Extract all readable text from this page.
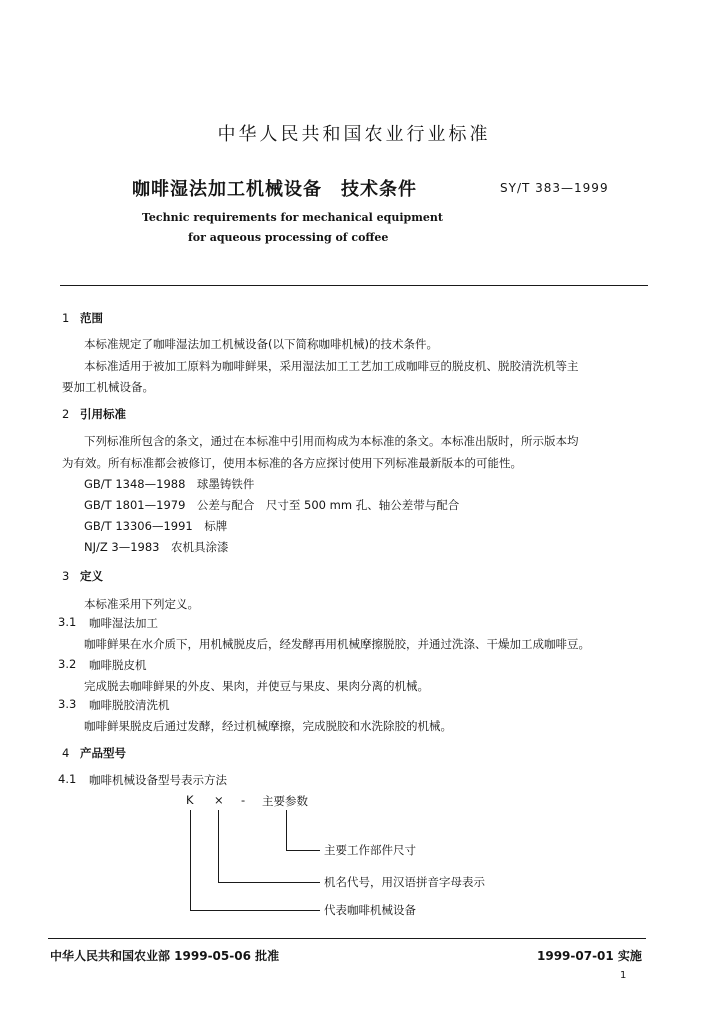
中华人民共和国农业行业标准
咖啡湿法加工机械设备　技术条件	SY/T 383—1999
Technic requirements for mechanical equipment
for aqueous processing of coffee
1 范围
本标准规定了咖啡湿法加工机械设备(以下简称咖啡机械)的技术条件。
本标准适用于被加工原料为咖啡鲜果，采用湿法加工工艺加工成咖啡豆的脱皮机、脱胶清洗机等主
要加工机械设备。
2 引用标准
下列标准所包含的条文，通过在本标准中引用而构成为本标准的条文。本标准出版时，所示版本均
为有效。所有标准都会被修订，使用本标准的各方应探讨使用下列标准最新版本的可能性。
GB/T 1348—1988　球墨铸铁件
GB/T 1801—1979　公差与配合　尺寸至 500 mm 孔、轴公差带与配合
GB/T 13306—1991　标牌
NJ/Z 3—1983　农机具涂漆
3 定义
本标准采用下列定义。
3.1 咖啡湿法加工
咖啡鲜果在水介质下，用机械脱皮后，经发酵再用机械摩擦脱胶，并通过洗涤、干燥加工成咖啡豆。
3.2 咖啡脱皮机
完成脱去咖啡鲜果的外皮、果肉，并使豆与果皮、果肉分离的机械。
3.3 咖啡脱胶清洗机
咖啡鲜果脱皮后通过发酵，经过机械摩擦，完成脱胶和水洗除胶的机械。
4 产品型号
4.1 咖啡机械设备型号表示方法
K × - 主要参数
主要工作部件尺寸
机名代号，用汉语拼音字母表示
代表咖啡机械设备
中华人民共和国农业部 1999-05-06 批准	1999-07-01 实施
1
